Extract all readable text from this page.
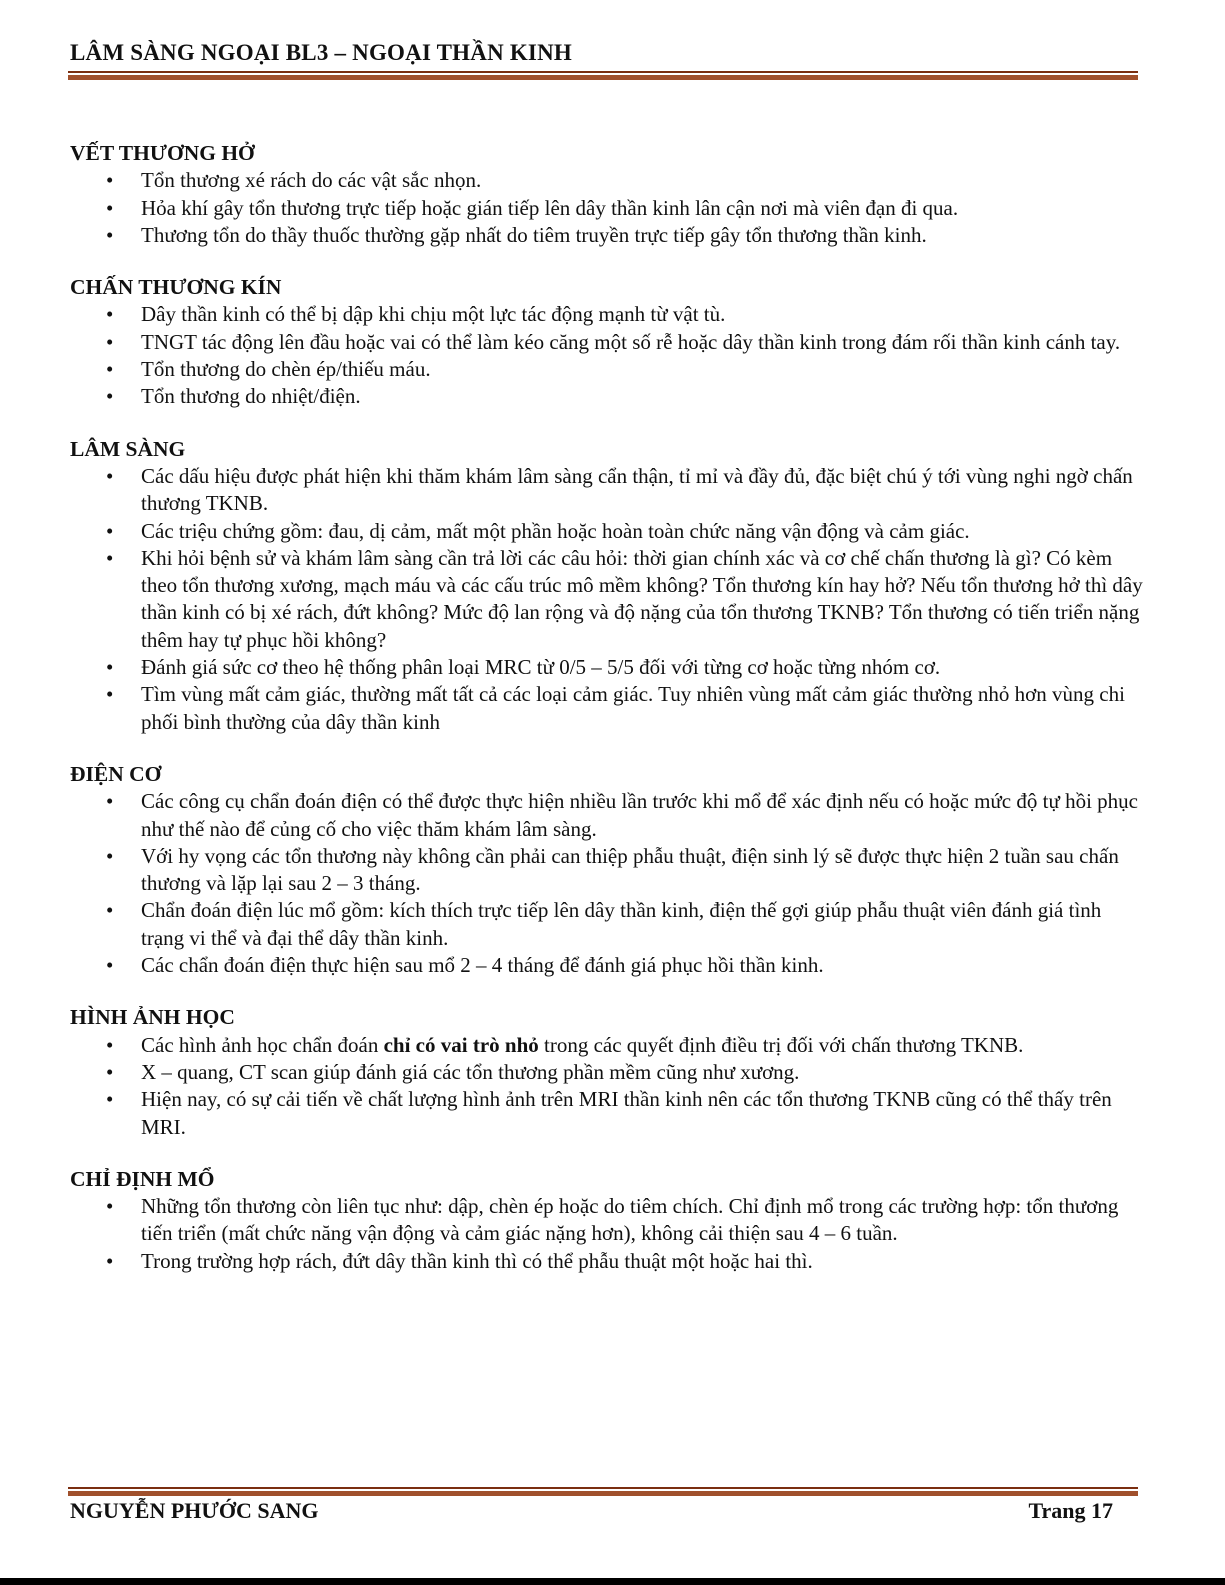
LÂM SÀNG NGOẠI BL3 – NGOẠI THẦN KINH
VẾT THƯƠNG HỞ
• Tổn thương xé rách do các vật sắc nhọn.
• Hỏa khí gây tổn thương trực tiếp hoặc gián tiếp lên dây thần kinh lân cận nơi mà viên đạn đi qua.
• Thương tổn do thầy thuốc thường gặp nhất do tiêm truyền trực tiếp gây tổn thương thần kinh.
CHẤN THƯƠNG KÍN
• Dây thần kinh có thể bị dập khi chịu một lực tác động mạnh từ vật tù.
• TNGT tác động lên đầu hoặc vai có thể làm kéo căng một số rễ hoặc dây thần kinh trong đám rối thần kinh cánh tay.
• Tổn thương do chèn ép/thiếu máu.
• Tổn thương do nhiệt/điện.
LÂM SÀNG
• Các dấu hiệu được phát hiện khi thăm khám lâm sàng cẩn thận, tỉ mỉ và đầy đủ, đặc biệt chú ý tới vùng nghi ngờ chấn thương TKNB.
• Các triệu chứng gồm: đau, dị cảm, mất một phần hoặc hoàn toàn chức năng vận động và cảm giác.
• Khi hỏi bệnh sử và khám lâm sàng cần trả lời các câu hỏi: thời gian chính xác và cơ chế chấn thương là gì? Có kèm theo tổn thương xương, mạch máu và các cấu trúc mô mềm không? Tổn thương kín hay hở? Nếu tổn thương hở thì dây thần kinh có bị xé rách, đứt không? Mức độ lan rộng và độ nặng của tổn thương TKNB? Tổn thương có tiến triển nặng thêm hay tự phục hồi không?
• Đánh giá sức cơ theo hệ thống phân loại MRC từ 0/5 – 5/5 đối với từng cơ hoặc từng nhóm cơ.
• Tìm vùng mất cảm giác, thường mất tất cả các loại cảm giác. Tuy nhiên vùng mất cảm giác thường nhỏ hơn vùng chi phối bình thường của dây thần kinh
ĐIỆN CƠ
• Các công cụ chẩn đoán điện có thể được thực hiện nhiều lần trước khi mổ để xác định nếu có hoặc mức độ tự hồi phục như thế nào để củng cố cho việc thăm khám lâm sàng.
• Với hy vọng các tổn thương này không cần phải can thiệp phẫu thuật, điện sinh lý sẽ được thực hiện 2 tuần sau chấn thương và lặp lại sau 2 – 3 tháng.
• Chẩn đoán điện lúc mổ gồm: kích thích trực tiếp lên dây thần kinh, điện thế gợi giúp phẫu thuật viên đánh giá tình trạng vi thể và đại thể dây thần kinh.
• Các chẩn đoán điện thực hiện sau mổ 2 – 4 tháng để đánh giá phục hồi thần kinh.
HÌNH ẢNH HỌC
• Các hình ảnh học chẩn đoán chỉ có vai trò nhỏ trong các quyết định điều trị đối với chấn thương TKNB.
• X – quang, CT scan giúp đánh giá các tổn thương phần mềm cũng như xương.
• Hiện nay, có sự cải tiến về chất lượng hình ảnh trên MRI thần kinh nên các tổn thương TKNB cũng có thể thấy trên MRI.
CHỈ ĐỊNH MỔ
• Những tổn thương còn liên tục như: dập, chèn ép hoặc do tiêm chích. Chỉ định mổ trong các trường hợp: tổn thương tiến triển (mất chức năng vận động và cảm giác nặng hơn), không cải thiện sau 4 – 6 tuần.
• Trong trường hợp rách, đứt dây thần kinh thì có thể phẫu thuật một hoặc hai thì.
NGUYỄN PHƯỚC SANG	Trang 17
